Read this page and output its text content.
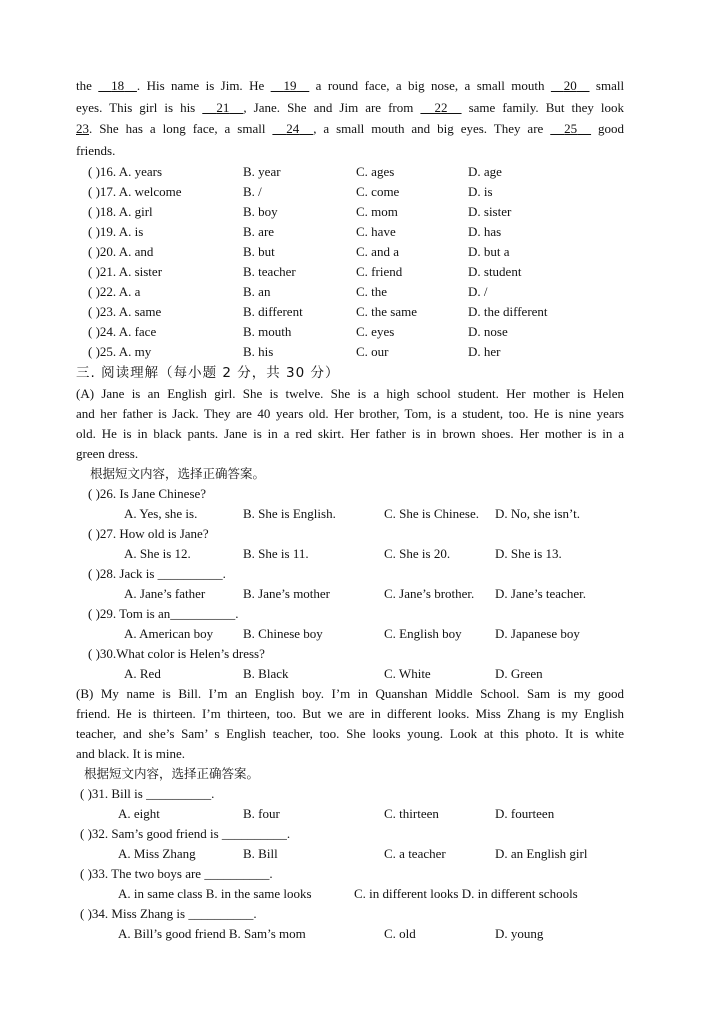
the   18 . His name is Jim. He   19   a round face, a big nose, a small mouth   20   small
eyes. This girl is his   21 , Jane. She and Jim are from   22   same family. But they look
23. She has a long face, a small   24 , a small mouth and big eyes. They are   25   good
friends.
( )16. A. years	B. year	C. ages	D. age
( )17. A. welcome	B. /	C. come	D. is
( )18. A. girl	B. boy	C. mom	D. sister
( )19. A. is	B. are	C. have	D. has
( )20. A. and	B. but	C. and a	D. but a
( )21. A. sister	B. teacher	C. friend	D. student
( )22. A. a	B. an	C. the	D. /
( )23. A. same	B. different	C. the same	D. the different
( )24. A. face	B. mouth	C. eyes	D. nose
( )25. A. my	B. his	C. our	D. her
三. 阅读理解（每小题 2 分，共 30 分）
(A) Jane is an English girl. She is twelve. She is a high school student. Her mother is Helen
and her father is Jack. They are 40 years old. Her brother, Tom, is a student, too. He is nine years
old. He is in black pants. Jane is in a red skirt. Her father is in brown shoes. Her mother is in a
green dress.
根据短文内容，选择正确答案。
( )26. Is Jane Chinese?
A. Yes, she is.	B. She is English.	C. She is Chinese. D. No, she isn’t.
( )27. How old is Jane?
A. She is 12.	B. She is 11.	C. She is 20.	D. She is 13.
( )28. Jack is __________.
A. Jane’s father	B. Jane’s mother	C. Jane’s brother. D. Jane’s teacher.
( )29. Tom is an__________.
A. American boy B. Chinese boy	C. English boy	D. Japanese boy
( )30.What color is Helen’s dress?
A. Red	B. Black	C. White	D. Green
(B) My name is Bill. I’m an English boy. I’m in Quanshan Middle School. Sam is my good
friend. He is thirteen. I’m thirteen, too. But we are in different looks. Miss Zhang is my English
teacher, and she’s Sam’ s English teacher, too. She looks young. Look at this photo. It is white
and black. It is mine.
根据短文内容，选择正确答案。
( )31. Bill is __________.
A. eight	B. four	C. thirteen	D. fourteen
( )32. Sam’s good friend is __________.
A. Miss Zhang	B. Bill	C. a teacher	D. an English girl
( )33. The two boys are __________.
A. in same class B. in the same looks	C. in different looks D. in different schools
( )34. Miss Zhang is __________.
A. Bill’s good friend B. Sam’s mom	C. old	D. young
